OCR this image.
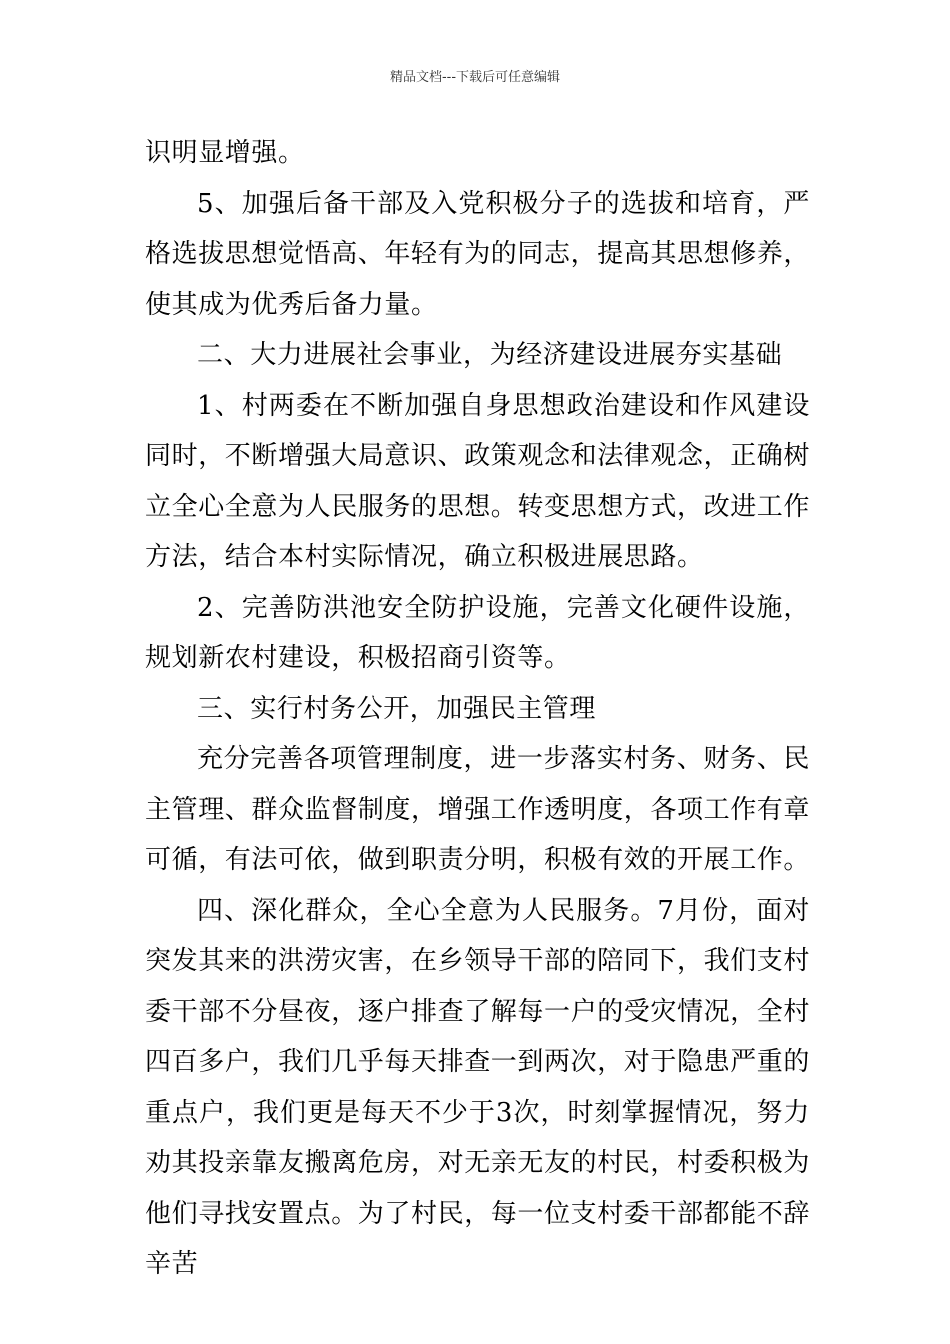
精品文档---下载后可任意编辑

识明显增强。

5、加强后备干部及入党积极分子的选拔和培育，严格选拔思想觉悟高、年轻有为的同志，提高其思想修养，使其成为优秀后备力量。

二、大力进展社会事业，为经济建设进展夯实基础

1、村两委在不断加强自身思想政治建设和作风建设同时，不断增强大局意识、政策观念和法律观念，正确树立全心全意为人民服务的思想。转变思想方式，改进工作方法，结合本村实际情况，确立积极进展思路。

2、完善防洪池安全防护设施，完善文化硬件设施，规划新农村建设，积极招商引资等。

三、实行村务公开，加强民主管理

充分完善各项管理制度，进一步落实村务、财务、民主管理、群众监督制度，增强工作透明度，各项工作有章可循，有法可依，做到职责分明，积极有效的开展工作。

四、深化群众，全心全意为人民服务。7月份，面对突发其来的洪涝灾害，在乡领导干部的陪同下，我们支村委干部不分昼夜，逐户排查了解每一户的受灾情况，全村四百多户，我们几乎每天排查一到两次，对于隐患严重的重点户，我们更是每天不少于3次，时刻掌握情况，努力劝其投亲靠友搬离危房，对无亲无友的村民，村委积极为他们寻找安置点。为了村民，每一位支村委干部都能不辞辛苦
